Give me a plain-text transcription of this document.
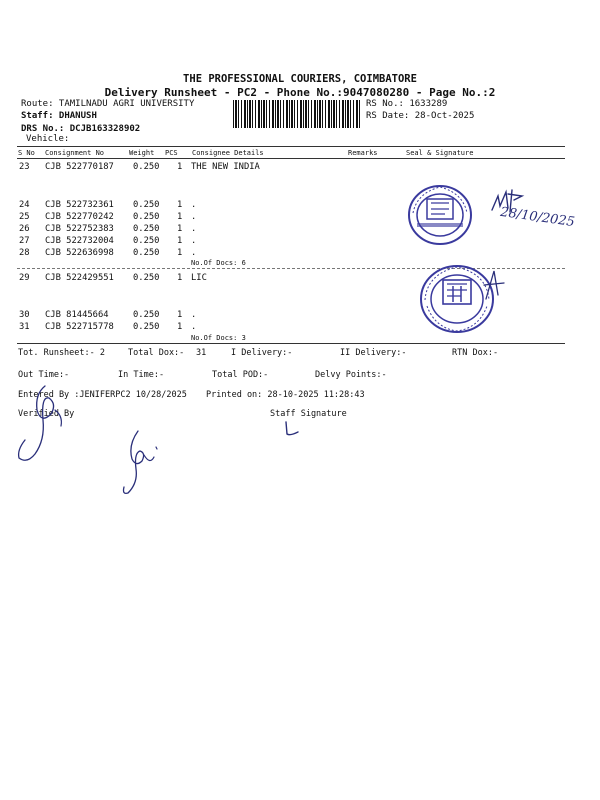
THE PROFESSIONAL COURIERS, COIMBATORE
Delivery Runsheet - PC2 - Phone No.:9047080280 - Page No.:2
Route: TAMILNADU AGRI UNIVERSITY
Staff: DHANUSH
DRS No.: DCJB163328902
Vehicle:
RS No.: 1633289
RS Date: 28-Oct-2025
S No Consignment No	Weight PCS Consignee Details	Remarks	Seal & Signature
23 CJB 522770187 0.250 1 THE NEW INDIA
24 CJB 522732361 0.250 1 .
25 CJB 522770242 0.250 1 .
26 CJB 522752383 0.250 1 .
27 CJB 522732004 0.250 1 .
28 CJB 522636998 0.250 1 .
No.Of Docs: 6
29 CJB 522429551 0.250 1 LIC
30 CJB 81445664	0.250 1 .
31 CJB 522715778 0.250 1 .
No.Of Docs: 3
Tot. Runsheet:- 2	Total Dox:- 31	I Delivery:-	II Delivery:-	RTN Dox:-
Out Time:-	In Time:-	Total POD:-	Delvy Points:-
Entered By :JENIFERPC2 10/28/2025 Printed on: 28-10-2025 11:28:43
Verified By	Staff Signature
28/10/2025
